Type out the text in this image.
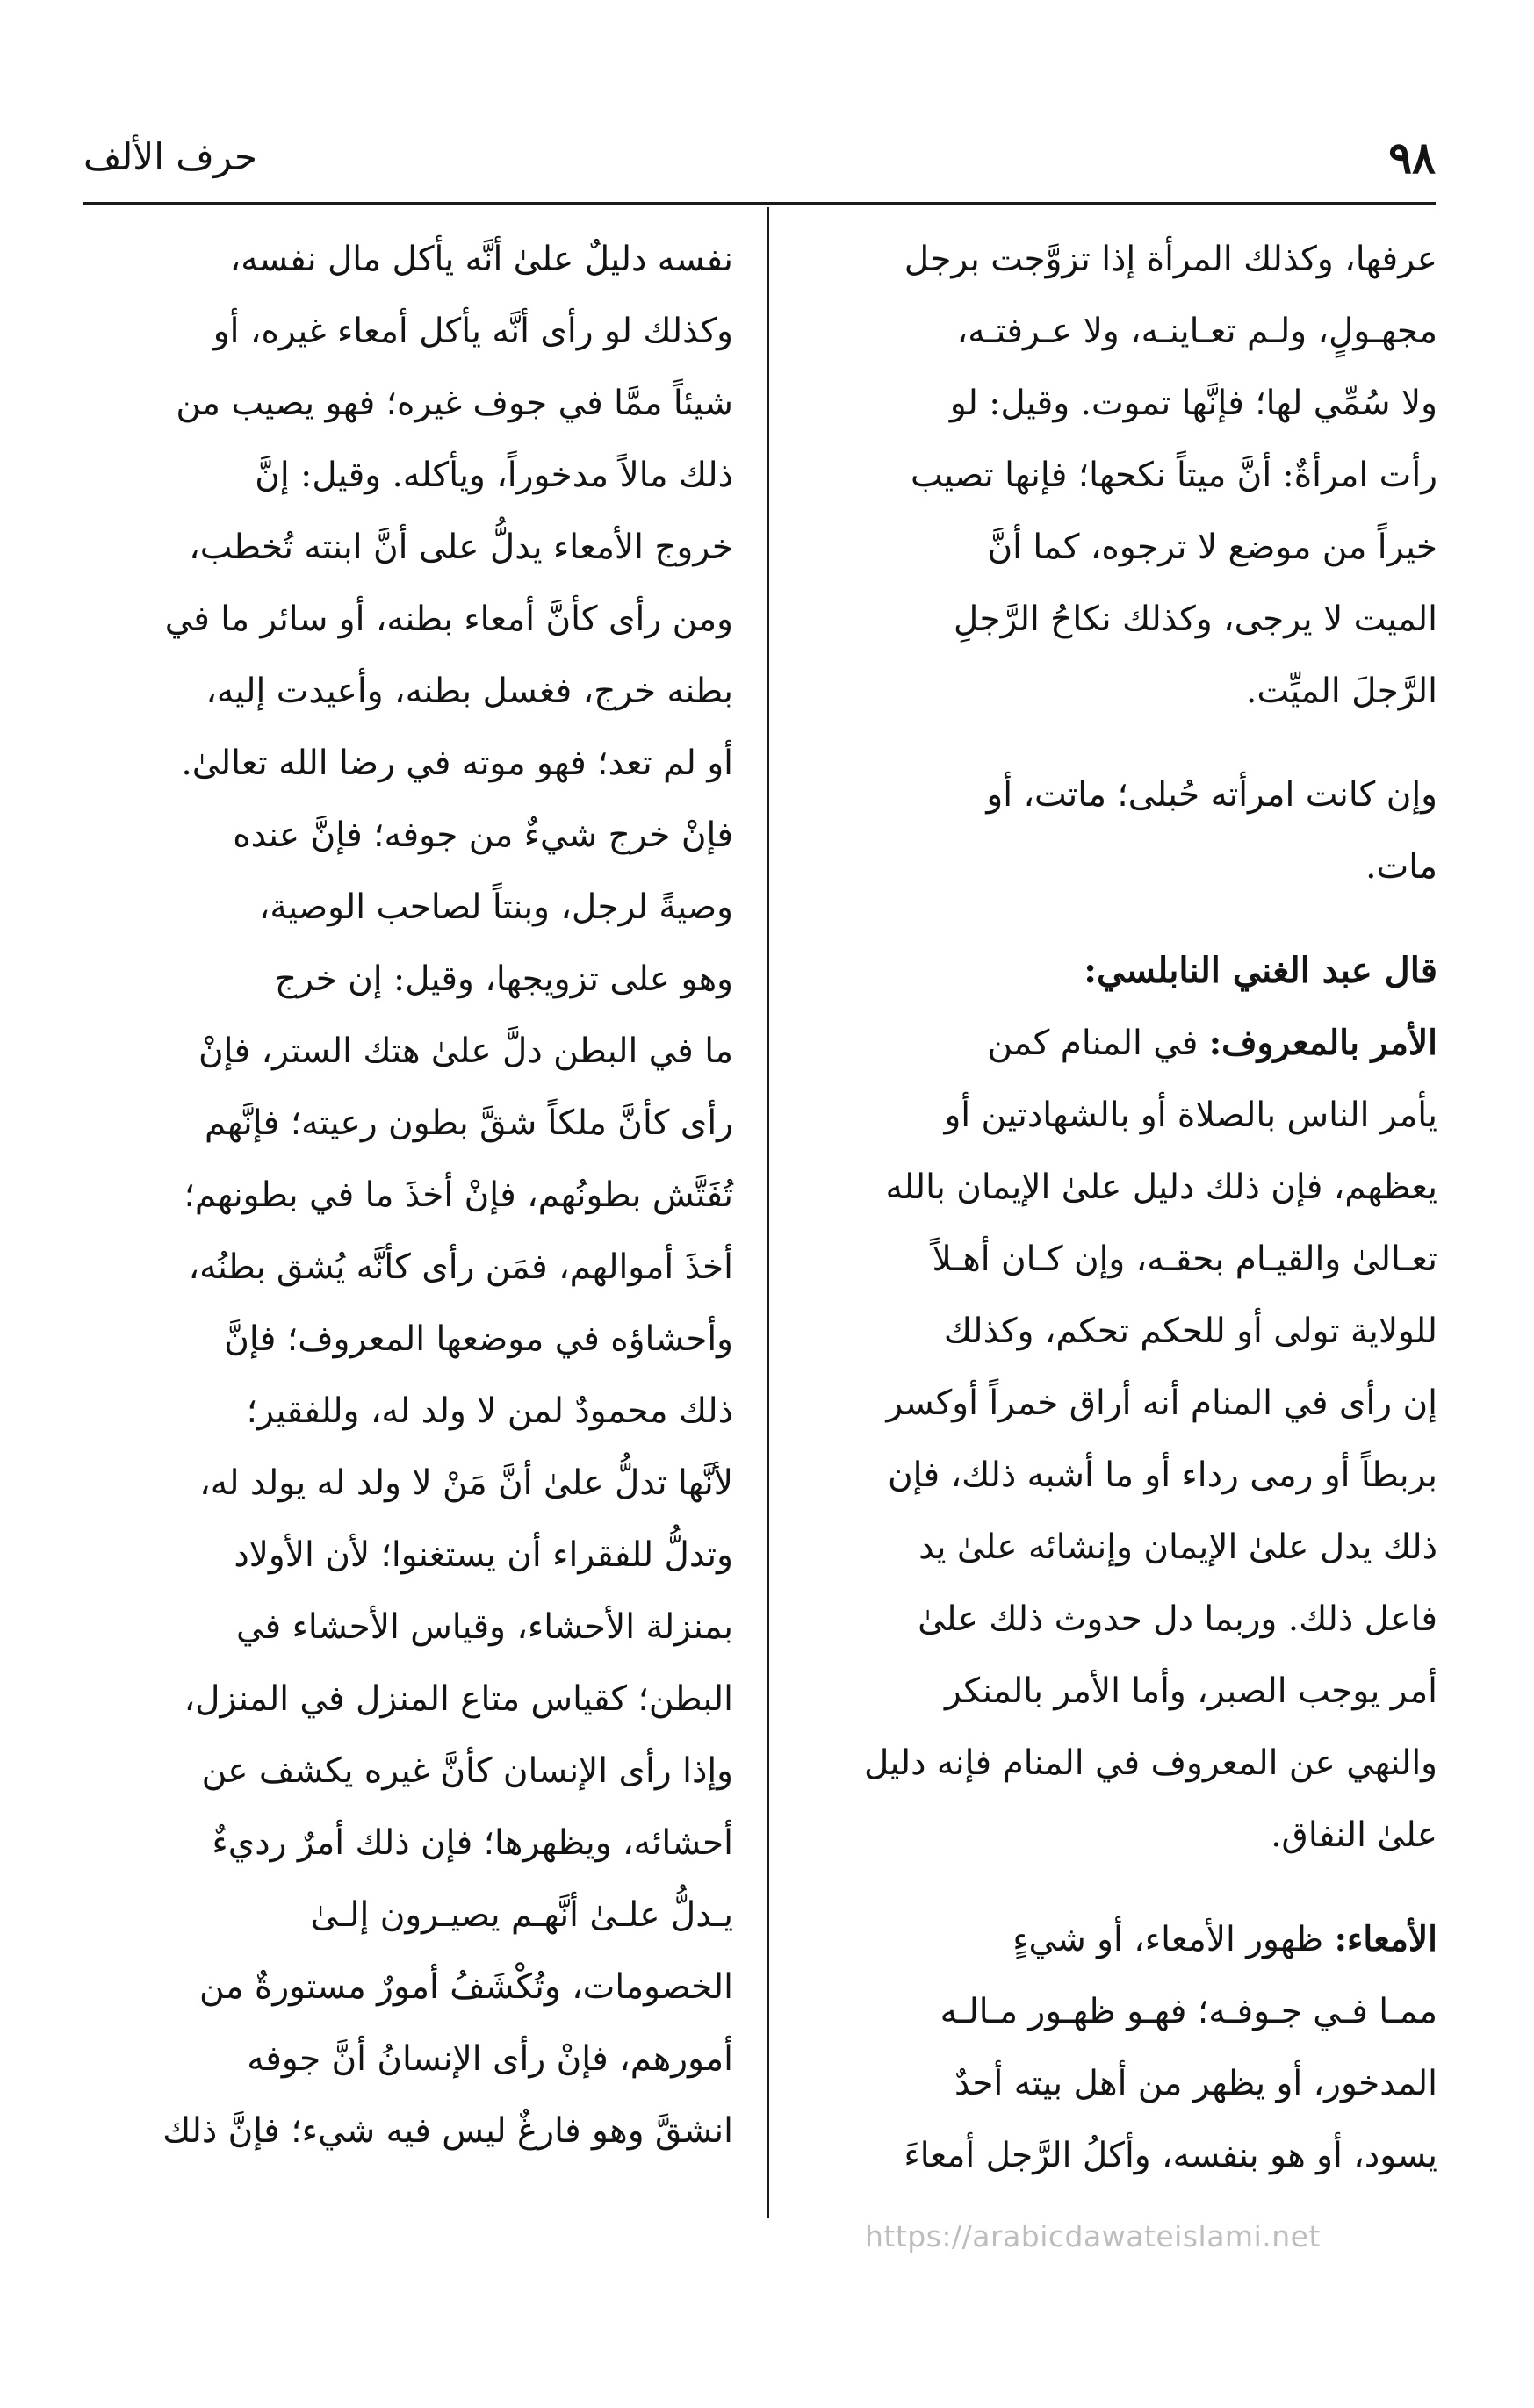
٩٨
حرف الألف

عرفها، وكذلك المرأة إذا تزوَّجت برجل
مجهـولٍ، ولـم تعـاينـه، ولا عـرفتـه،
ولا سُمِّي لها؛ فإنَّها تموت. وقيل: لو
رأت امرأةٌ: أنَّ ميتاً نكحها؛ فإنها تصيب
خيراً من موضع لا ترجوه، كما أنَّ
الميت لا يرجى، وكذلك نكاحُ الرَّجلِ
الرَّجلَ الميِّت.

وإن كانت امرأته حُبلى؛ ماتت، أو
مات.

قال عبد الغني النابلسي:

الأمر بالمعروف: في المنام كمن
يأمر الناس بالصلاة أو بالشهادتين أو
يعظهم، فإن ذلك دليل علىٰ الإيمان بالله
تعـالىٰ والقيـام بحقـه، وإن كـان أهـلاً
للولاية تولى أو للحكم تحكم، وكذلك
إن رأى في المنام أنه أراق خمراً أوكسر
بربطاً أو رمى رداء أو ما أشبه ذلك، فإن
ذلك يدل علىٰ الإيمان وإنشائه علىٰ يد
فاعل ذلك. وربما دل حدوث ذلك علىٰ
أمر يوجب الصبر، وأما الأمر بالمنكر
والنهي عن المعروف في المنام فإنه دليل
علىٰ النفاق.

الأمعاء: ظهور الأمعاء، أو شيءٍ
ممـا فـي جـوفـه؛ فهـو ظهـور مـالـه
المدخور، أو يظهر من أهل بيته أحدٌ
يسود، أو هو بنفسه، وأكلُ الرَّجل أمعاءَ

نفسه دليلٌ علىٰ أنَّه يأكل مال نفسه،
وكذلك لو رأى أنَّه يأكل أمعاء غيره، أو
شيئاً ممَّا في جوف غيره؛ فهو يصيب من
ذلك مالاً مدخوراً، ويأكله. وقيل: إنَّ
خروج الأمعاء يدلُّ على أنَّ ابنته تُخطب،
ومن رأى كأنَّ أمعاء بطنه، أو سائر ما في
بطنه خرج، فغسل بطنه، وأعيدت إليه،
أو لم تعد؛ فهو موته في رضا الله تعالىٰ.
فإنْ خرج شيءٌ من جوفه؛ فإنَّ عنده
وصيةً لرجل، وبنتاً لصاحب الوصية،
وهو على تزويجها، وقيل: إن خرج
ما في البطن دلَّ علىٰ هتك الستر، فإنْ
رأى كأنَّ ملكاً شقَّ بطون رعيته؛ فإنَّهم
تُفَتَّش بطونُهم، فإنْ أخذَ ما في بطونهم؛
أخذَ أموالهم، فمَن رأى كأنَّه يُشق بطنُه،
وأحشاؤه في موضعها المعروف؛ فإنَّ
ذلك محمودٌ لمن لا ولد له، وللفقير؛
لأنَّها تدلُّ علىٰ أنَّ مَنْ لا ولد له يولد له،
وتدلُّ للفقراء أن يستغنوا؛ لأن الأولاد
بمنزلة الأحشاء، وقياس الأحشاء في
البطن؛ كقياس متاع المنزل في المنزل،
وإذا رأى الإنسان كأنَّ غيره يكشف عن
أحشائه، ويظهرها؛ فإن ذلك أمرٌ رديءٌ
يـدلُّ علـىٰ أنَّهـم يصيـرون إلـىٰ
الخصومات، وتُكْشَفُ أمورٌ مستورةٌ من
أمورهم، فإنْ رأى الإنسانُ أنَّ جوفه
انشقَّ وهو فارغٌ ليس فيه شيء؛ فإنَّ ذلك

https://arabicdawateislami.net
